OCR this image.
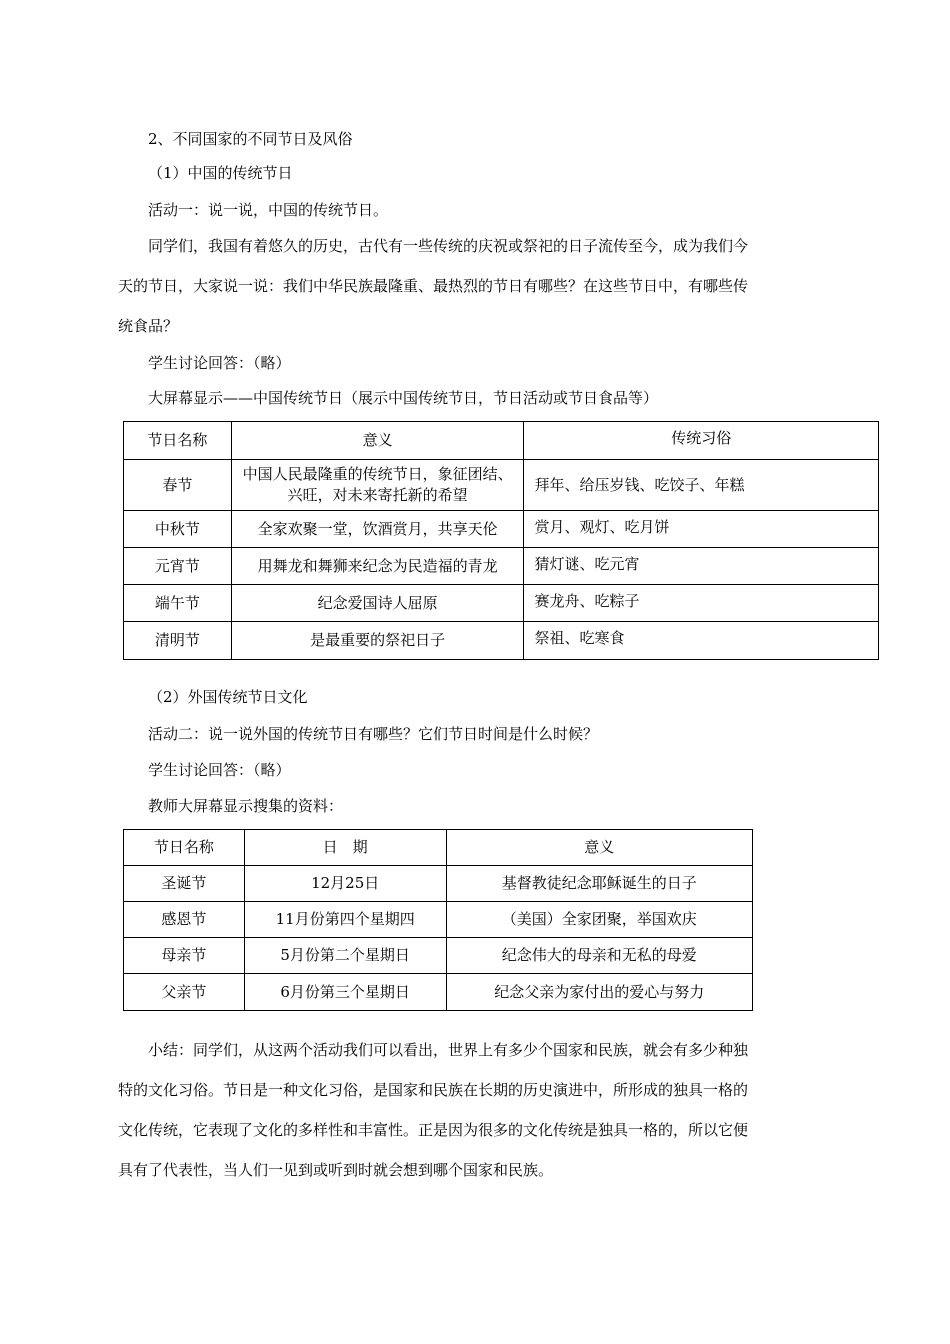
2、不同国家的不同节日及风俗
（1）中国的传统节日
活动一：说一说，中国的传统节日。
同学们，我国有着悠久的历史，古代有一些传统的庆祝或祭祀的日子流传至今，成为我们今
天的节日，大家说一说：我们中华民族最隆重、最热烈的节日有哪些？在这些节日中，有哪些传
统食品？
学生讨论回答：（略）
大屏幕显示——中国传统节日（展示中国传统节日，节日活动或节日食品等）
节日名称	意义	传统习俗
春节	中国人民最隆重的传统节日，象征团结、兴旺，对未来寄托新的希望	拜年、给压岁钱、吃饺子、年糕
中秋节	全家欢聚一堂，饮酒赏月，共享天伦	赏月、观灯、吃月饼
元宵节	用舞龙和舞狮来纪念为民造福的青龙	猜灯谜、吃元宵
端午节	纪念爱国诗人屈原	赛龙舟、吃粽子
清明节	是最重要的祭祀日子	祭祖、吃寒食
（2）外国传统节日文化
活动二：说一说外国的传统节日有哪些？它们节日时间是什么时候？
学生讨论回答：（略）
教师大屏幕显示搜集的资料：
节日名称	日　期	意义
圣诞节	12月25日	基督教徒纪念耶稣诞生的日子
感恩节	11月份第四个星期四	（美国）全家团聚，举国欢庆
母亲节	5月份第二个星期日	纪念伟大的母亲和无私的母爱
父亲节	6月份第三个星期日	纪念父亲为家付出的爱心与努力
小结：同学们，从这两个活动我们可以看出，世界上有多少个国家和民族，就会有多少种独
特的文化习俗。节日是一种文化习俗，是国家和民族在长期的历史演进中，所形成的独具一格的
文化传统，它表现了文化的多样性和丰富性。正是因为很多的文化传统是独具一格的，所以它便
具有了代表性，当人们一见到或听到时就会想到哪个国家和民族。
